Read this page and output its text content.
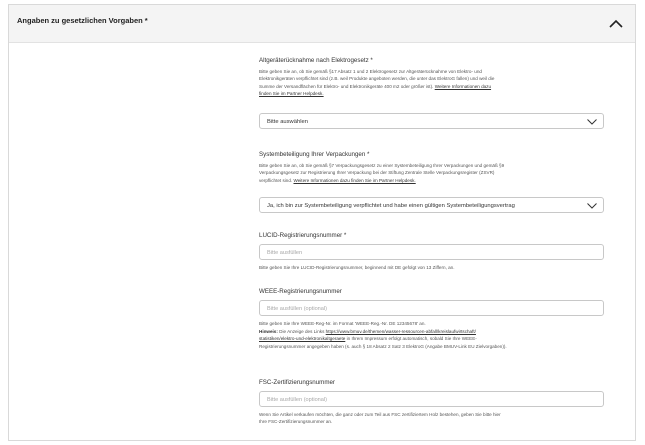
Angaben zu gesetzlichen Vorgaben *
Altgeräterücknahme nach Elektrogesetz *
Bitte geben Sie an, ob Sie gemäß §17 Absatz 1 und 2 Elektrogesetz zur Altgeräterücknahme von Elektro- und
Elektronikgeräten verpflichtet sind (z.B. weil Produkte angeboten werden, die unter das ElektroG fallen) und weil die
Summe der Versandflächen für Elektro- und Elektronikgeräte 400 m2 oder größer ist). Weitere Informationen dazu
finden Sie im Partner Helpdesk.
Bitte auswählen
Systembeteiligung Ihrer Verpackungen *
Bitte geben Sie an, ob Sie gemäß §7 Verpackungsgesetz zu einer Systembeteiligung Ihrer Verpackungen und gemäß §9
Verpackungsgesetz zur Registrierung Ihrer Verpackung bei der Stiftung Zentrale Stelle Verpackungsregister (ZSVR)
verpflichtet sind. Weitere Informationen dazu finden Sie im Partner Helpdesk.
Ja, ich bin zur Systembeteiligung verpflichtet und habe einen gültigen Systembeteiligungsvertrag
LUCID-Registrierungsnummer *
Bitte ausfüllen
Bitte geben Sie Ihre LUCID-Registrierungsnummer, beginnend mit DE gefolgt von 13 Ziffern, an.
WEEE-Registrierungsnummer
Bitte ausfüllen (optional)
Bitte geben Sie Ihre WEEE-Reg-Nr. im Format 'WEEE-Reg.-Nr. DE 12345678' an.
Hinweis: Die Anzeige des Links https://www.bmuv.de/themen/wasser-ressourcen-abfall/kreislaufwirtschaft/
statistiken/elektro-und-elektronikaltgeraete in Ihrem Impressum erfolgt automatisch, sobald Sie Ihre WEEE-
Registrierungsnummer angegeben haben (s. auch § 18 Absatz 2 Satz 3 ElektroG (Angabe BMUV-Link EU Zielvorgaben)).
FSC-Zertifizierungsnummer
Bitte ausfüllen (optional)
Wenn Sie Artikel verkaufen möchten, die ganz oder zum Teil aus FSC zertifiziertem Holz bestehen, geben Sie bitte hier
Ihre FSC-Zertifizierungsnummer an.
